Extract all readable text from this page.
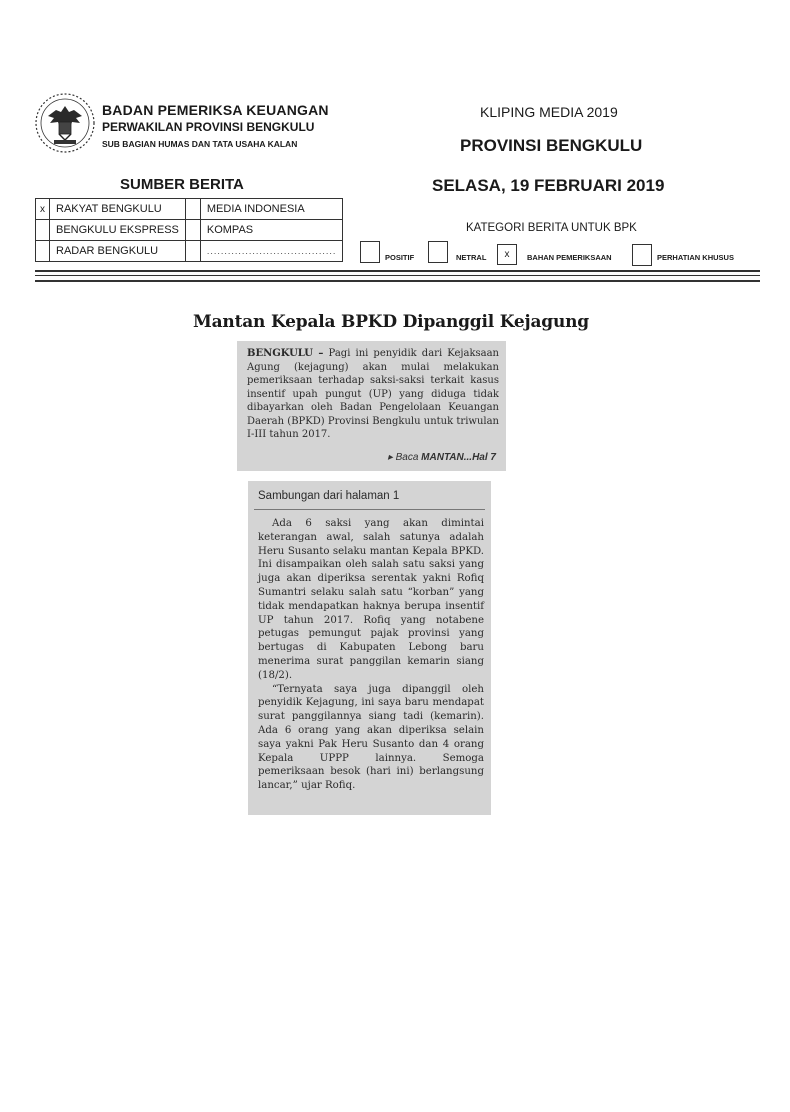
BADAN PEMERIKSA KEUANGAN
PERWAKILAN PROVINSI BENGKULU
SUB BAGIAN HUMAS DAN TATA USAHA KALAN
KLIPING MEDIA 2019
PROVINSI BENGKULU
SELASA, 19 FEBRUARI 2019
SUMBER BERITA
x	RAKYAT BENGKULU		MEDIA INDONESIA
	BENGKULU EKSPRESS		KOMPAS
	RADAR BENGKULU		.....................................
KATEGORI BERITA UNTUK BPK
POSITIF	NETRAL	x	BAHAN PEMERIKSAAN	PERHATIAN KHUSUS
Mantan Kepala BPKD Dipanggil Kejagung
BENGKULU – Pagi ini penyidik dari Kejaksaan Agung (kejagung) akan mulai melakukan pemeriksaan terhadap saksi-saksi terkait kasus insentif upah pungut (UP) yang diduga tidak dibayarkan oleh Badan Pengelolaan Keuangan Daerah (BPKD) Provinsi Bengkulu untuk triwulan I-III tahun 2017.
▸ Baca MANTAN...Hal 7
Sambungan dari halaman 1

Ada 6 saksi yang akan dimintai keterangan awal, salah satunya adalah Heru Susanto selaku mantan Kepala BPKD. Ini disampaikan oleh salah satu saksi yang juga akan diperiksa serentak yakni Rofiq Sumantri selaku salah satu “korban” yang tidak mendapatkan haknya berupa insentif UP tahun 2017. Rofiq yang notabene petugas pemungut pajak provinsi yang bertugas di Kabupaten Lebong baru menerima surat panggilan kemarin siang (18/2).

“Ternyata saya juga dipanggil oleh penyidik Kejagung, ini saya baru mendapat surat panggilannya siang tadi (kemarin). Ada 6 orang yang akan diperiksa selain saya yakni Pak Heru Susanto dan 4 orang Kepala UPPP lainnya. Semoga pemeriksaan besok (hari ini) berlangsung lancar,” ujar Rofiq.
